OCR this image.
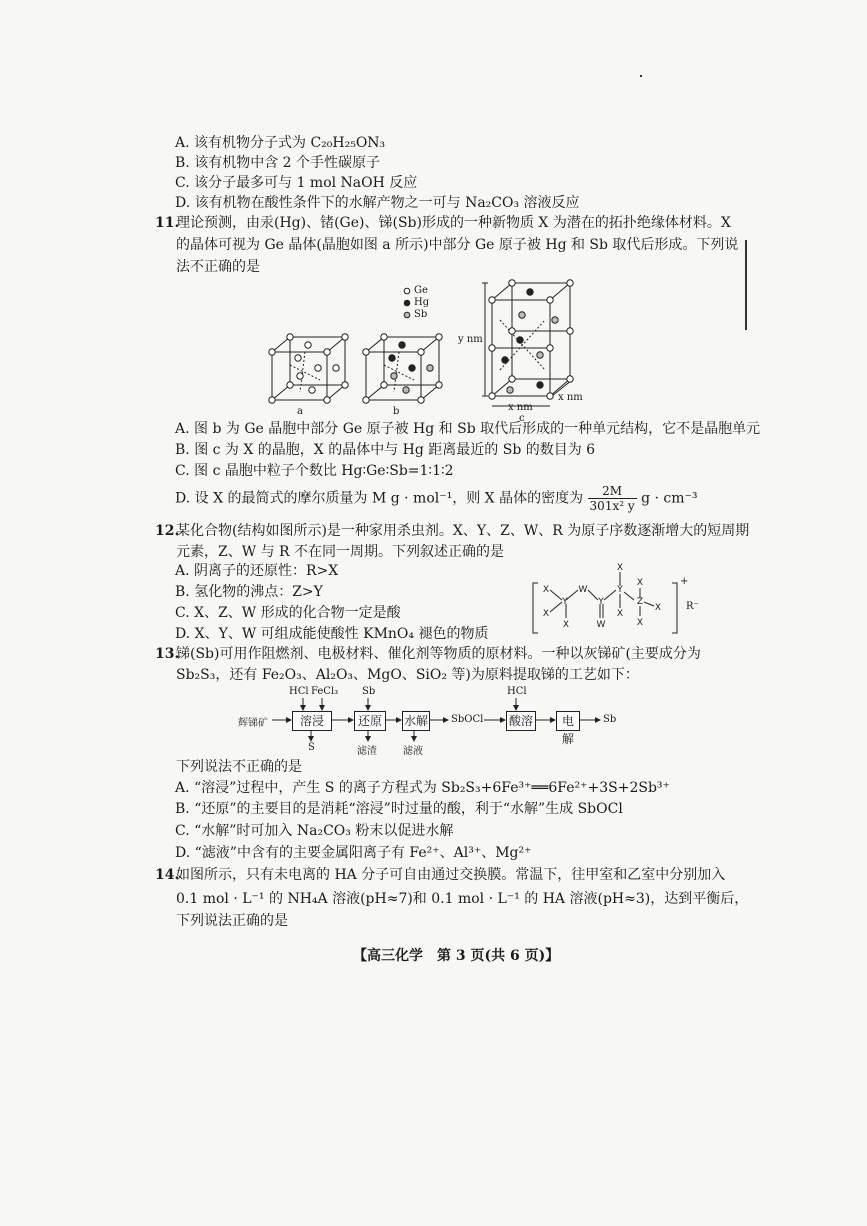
A. 该有机物分子式为 C₂₀H₂₅ON₃
B. 该有机物中含 2 个手性碳原子
C. 该分子最多可与 1 mol NaOH 反应
D. 该有机物在酸性条件下的水解产物之一可与 Na₂CO₃ 溶液反应
11.
理论预测，由汞(Hg)、锗(Ge)、锑(Sb)形成的一种新物质 X 为潜在的拓扑绝缘体材料。X
的晶体可视为 Ge 晶体(晶胞如图 a 所示)中部分 Ge 原子被 Hg 和 Sb 取代后形成。下列说
法不正确的是
Ge
Hg
Sb
a	b
c
y nm
x nm
x nm
A. 图 b 为 Ge 晶胞中部分 Ge 原子被 Hg 和 Sb 取代后形成的一种单元结构，它不是晶胞单元
B. 图 c 为 X 的晶胞，X 的晶体中与 Hg 距离最近的 Sb 的数目为 6
C. 图 c 晶胞中粒子个数比 Hg∶Ge∶Sb=1∶1∶2
D. 设 X 的最简式的摩尔质量为 M g · mol⁻¹，则 X 晶体的密度为 $\frac{2M}{\text{301x² y}}$ g · cm⁻³
12.
某化合物(结构如图所示)是一种家用杀虫剂。X、Y、Z、W、R 为原子序数逐渐增大的短周期
元素，Z、W 与 R 不在同一周期。下列叙述正确的是
A. 阴离子的还原性：R>X
B. 氢化物的沸点：Z>Y
C. X、Z、W 形成的化合物一定是酸
D. X、Y、W 可组成能使酸性 KMnO₄ 褪色的物质
X
X
Y
X
W
Y
W
Y
X
X
Z
X
X
X
+
R⁻
13.
锑(Sb)可用作阻燃剂、电极材料、催化剂等物质的原材料。一种以灰锑矿(主要成分为
Sb₂S₃，还有 Fe₂O₃、Al₂O₃、MgO、SiO₂ 等)为原料提取锑的工艺如下：
辉锑矿
HCl FeCl₃ Sb	HCl
溶浸	还原	水解 SbOCl 酸溶	电解
Sb
S	滤渣	滤液
下列说法不正确的是
A. “溶浸”过程中，产生 S 的离子方程式为 Sb₂S₃+6Fe³⁺══6Fe²⁺+3S+2Sb³⁺
B. “还原”的主要目的是消耗“溶浸”时过量的酸，利于“水解”生成 SbOCl
C. “水解”时可加入 Na₂CO₃ 粉末以促进水解
D. “滤液”中含有的主要金属阳离子有 Fe²⁺、Al³⁺、Mg²⁺
14.
如图所示，只有未电离的 HA 分子可自由通过交换膜。常温下，往甲室和乙室中分别加入
0.1 mol · L⁻¹ 的 NH₄A 溶液(pH≈7)和 0.1 mol · L⁻¹ 的 HA 溶液(pH≈3)，达到平衡后，
下列说法正确的是
【高三化学　第 3 页(共 6 页)】
